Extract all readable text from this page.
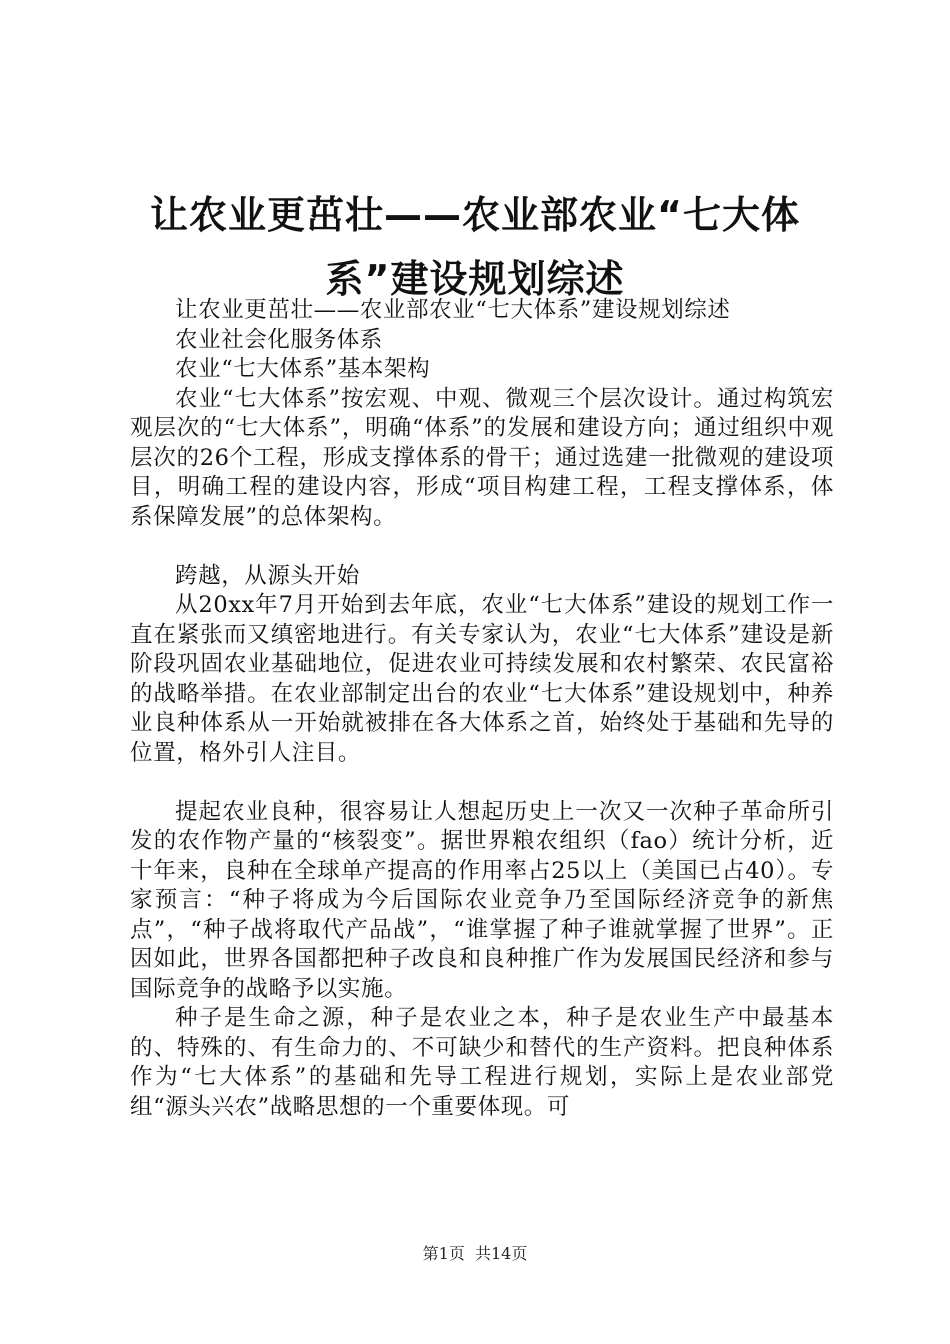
让农业更茁壮——农业部农业“七大体系”建设规划综述

让农业更茁壮——农业部农业“七大体系”建设规划综述

农业社会化服务体系

农业“七大体系”基本架构

农业“七大体系”按宏观、中观、微观三个层次设计。通过构筑宏观层次的“七大体系”，明确“体系”的发展和建设方向；通过组织中观层次的26个工程，形成支撑体系的骨干；通过选建一批微观的建设项目，明确工程的建设内容，形成“项目构建工程，工程支撑体系，体系保障发展”的总体架构。

跨越，从源头开始

从20xx年7月开始到去年底，农业“七大体系”建设的规划工作一直在紧张而又缜密地进行。有关专家认为，农业“七大体系”建设是新阶段巩固农业基础地位，促进农业可持续发展和农村繁荣、农民富裕的战略举措。在农业部制定出台的农业“七大体系”建设规划中，种养业良种体系从一开始就被排在各大体系之首，始终处于基础和先导的位置，格外引人注目。

提起农业良种，很容易让人想起历史上一次又一次种子革命所引发的农作物产量的“核裂变”。据世界粮农组织（fao）统计分析，近十年来，良种在全球单产提高的作用率占25以上（美国已占40）。专家预言：“种子将成为今后国际农业竞争乃至国际经济竞争的新焦点”，“种子战将取代产品战”，“谁掌握了种子谁就掌握了世界”。正因如此，世界各国都把种子改良和良种推广作为发展国民经济和参与国际竞争的战略予以实施。

种子是生命之源，种子是农业之本，种子是农业生产中最基本的、特殊的、有生命力的、不可缺少和替代的生产资料。把良种体系作为“七大体系”的基础和先导工程进行规划，实际上是农业部党组“源头兴农”战略思想的一个重要体现。可

第1页  共14页
